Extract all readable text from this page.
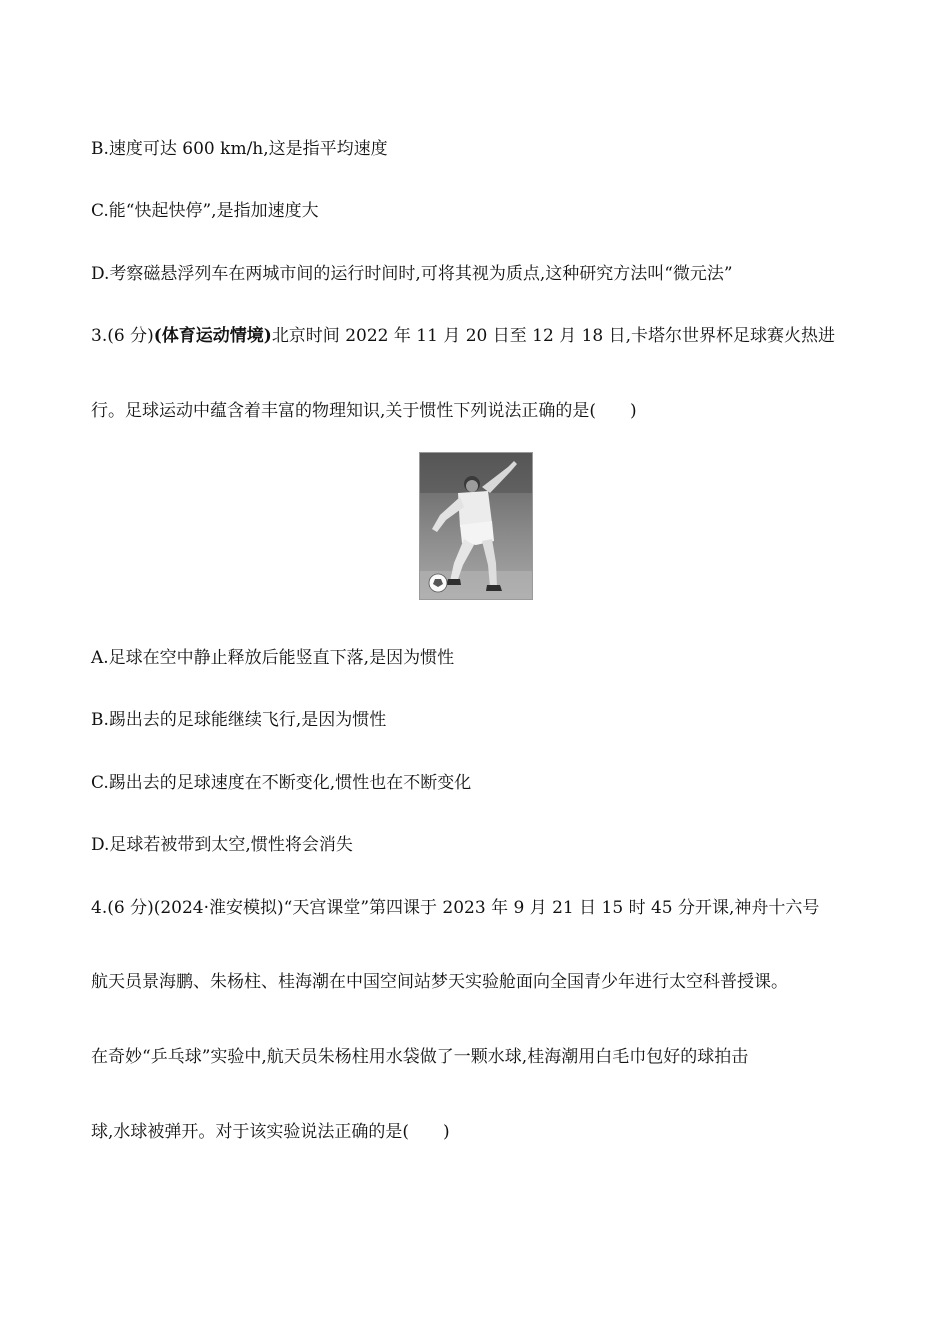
B.速度可达 600 km/h,这是指平均速度
C.能“快起快停”,是指加速度大
D.考察磁悬浮列车在两城市间的运行时间时,可将其视为质点,这种研究方法叫“微元法”
3.(6 分)(体育运动情境)北京时间 2022 年 11 月 20 日至 12 月 18 日,卡塔尔世界杯足球赛火热进
行。足球运动中蕴含着丰富的物理知识,关于惯性下列说法正确的是(　　)
A.足球在空中静止释放后能竖直下落,是因为惯性
B.踢出去的足球能继续飞行,是因为惯性
C.踢出去的足球速度在不断变化,惯性也在不断变化
D.足球若被带到太空,惯性将会消失
4.(6 分)(2024·淮安模拟)“天宫课堂”第四课于 2023 年 9 月 21 日 15 时 45 分开课,神舟十六号
航天员景海鹏、朱杨柱、桂海潮在中国空间站梦天实验舱面向全国青少年进行太空科普授课。
在奇妙“乒乓球”实验中,航天员朱杨柱用水袋做了一颗水球,桂海潮用白毛巾包好的球拍击
球,水球被弹开。对于该实验说法正确的是(　　)
